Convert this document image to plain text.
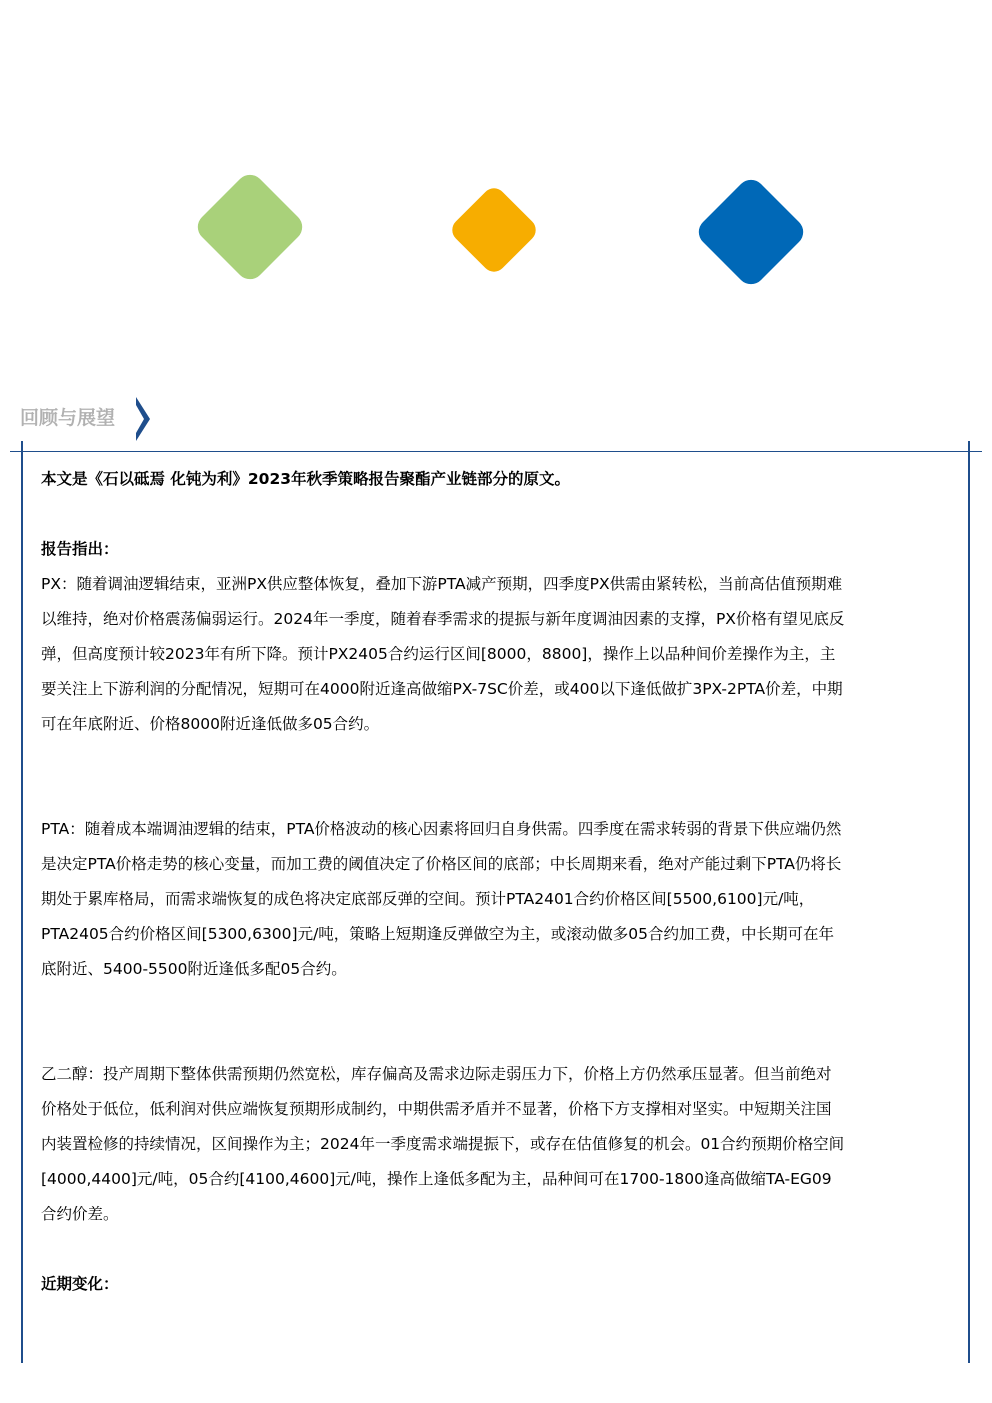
回顾与展望
本文是《石以砥焉 化钝为利》2023年秋季策略报告聚酯产业链部分的原文。
报告指出：
PX：随着调油逻辑结束，亚洲PX供应整体恢复，叠加下游PTA减产预期，四季度PX供需由紧转松，当前高估值预期难
以维持，绝对价格震荡偏弱运行。2024年一季度，随着春季需求的提振与新年度调油因素的支撑，PX价格有望见底反
弹，但高度预计较2023年有所下降。预计PX2405合约运行区间[8000，8800]，操作上以品种间价差操作为主，主
要关注上下游利润的分配情况，短期可在4000附近逢高做缩PX-7SC价差，或400以下逢低做扩3PX-2PTA价差，中期
可在年底附近、价格8000附近逢低做多05合约。
PTA：随着成本端调油逻辑的结束，PTA价格波动的核心因素将回归自身供需。四季度在需求转弱的背景下供应端仍然
是决定PTA价格走势的核心变量，而加工费的阈值决定了价格区间的底部；中长周期来看，绝对产能过剩下PTA仍将长
期处于累库格局，而需求端恢复的成色将决定底部反弹的空间。预计PTA2401合约价格区间[5500,6100]元/吨，
PTA2405合约价格区间[5300,6300]元/吨，策略上短期逢反弹做空为主，或滚动做多05合约加工费，中长期可在年
底附近、5400-5500附近逢低多配05合约。
乙二醇：投产周期下整体供需预期仍然宽松，库存偏高及需求边际走弱压力下，价格上方仍然承压显著。但当前绝对
价格处于低位，低利润对供应端恢复预期形成制约，中期供需矛盾并不显著，价格下方支撑相对坚实。中短期关注国
内装置检修的持续情况，区间操作为主；2024年一季度需求端提振下，或存在估值修复的机会。01合约预期价格空间
[4000,4400]元/吨，05合约[4100,4600]元/吨，操作上逢低多配为主，品种间可在1700-1800逢高做缩TA-EG09
合约价差。
近期变化：
